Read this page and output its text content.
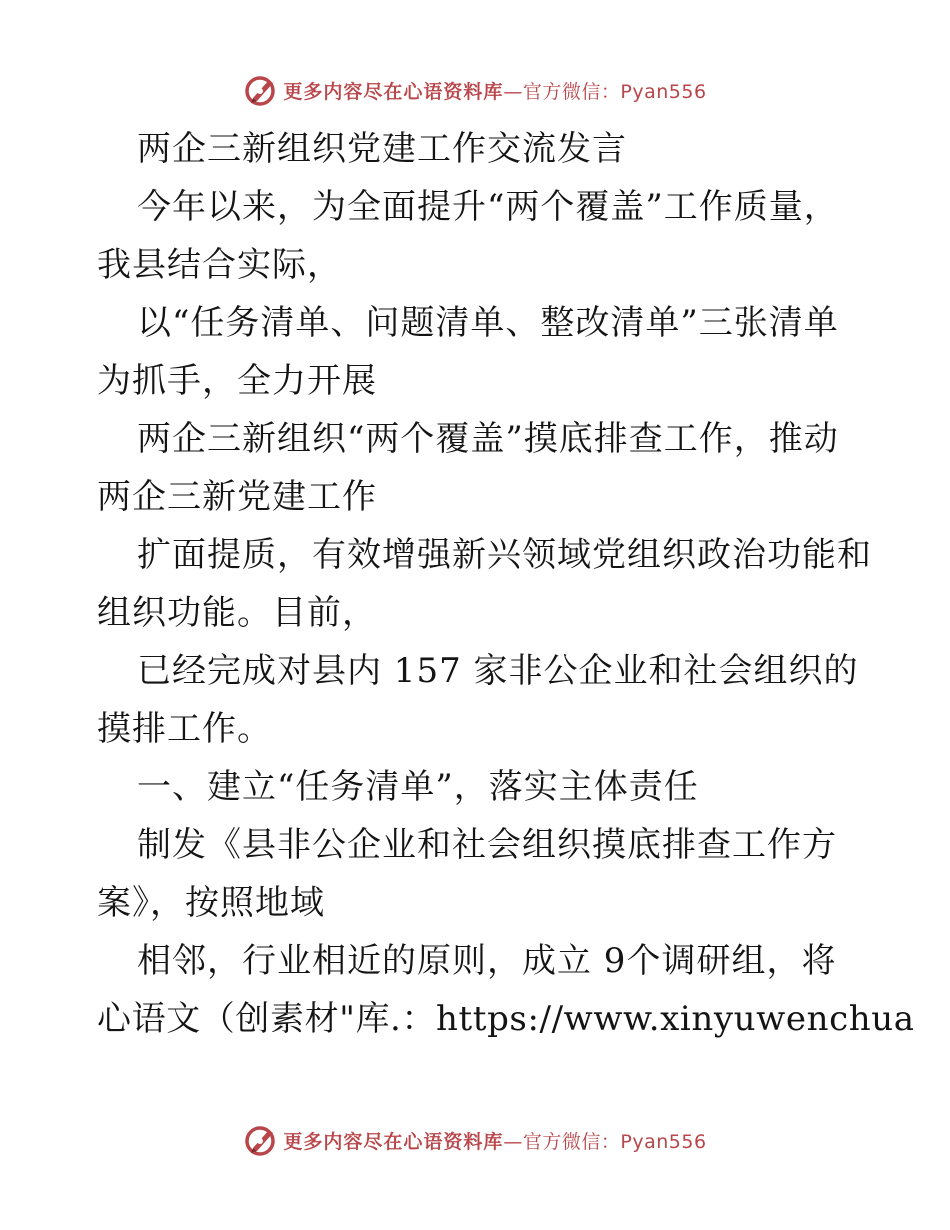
更多内容尽在心语资料库 —官方微信：Pyan556
两企三新组织党建工作交流发言
今年以来，为全面提升“两个覆盖”工作质量，
我县结合实际，
以“任务清单、问题清单、整改清单”三张清单
为抓手，全力开展
两企三新组织“两个覆盖”摸底排查工作，推动
两企三新党建工作
扩面提质，有效增强新兴领域党组织政治功能和
组织功能。目前，
已经完成对县内 157 家非公企业和社会组织的
摸排工作。
一、建立“任务清单”，落实主体责任
制发《县非公企业和社会组织摸底排查工作方
案》，按照地域
相邻，行业相近的原则，成立 9个调研组，将
心语文（创素材"库.：https://www.xinyuwenchua
更多内容尽在心语资料库 —官方微信：Pyan556
